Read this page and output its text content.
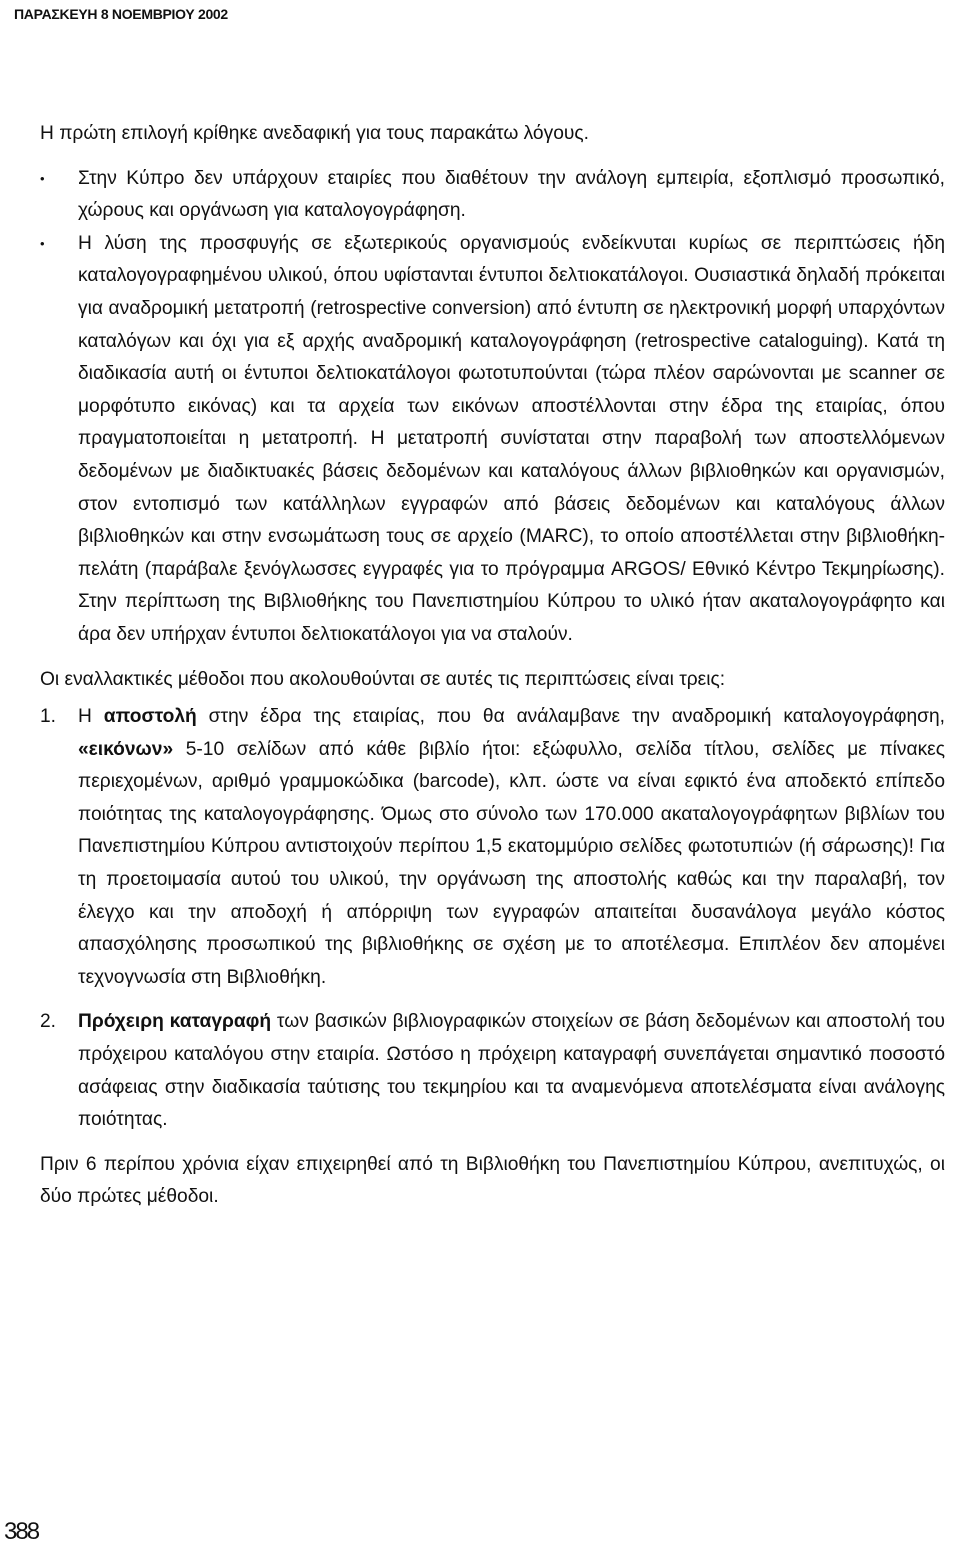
ΠΑΡΑΣΚΕΥΗ 8 ΝΟΕΜΒΡΙΟΥ 2002

Η πρώτη επιλογή κρίθηκε ανεδαφική για τους παρακάτω λόγους.

• Στην Κύπρο δεν υπάρχουν εταιρίες που διαθέτουν την ανάλογη εμπειρία, εξοπλισμό προσωπικό, χώρους και οργάνωση για καταλογογράφηση.

• Η λύση της προσφυγής σε εξωτερικούς οργανισμούς ενδείκνυται κυρίως σε περιπτώσεις ήδη καταλογογραφημένου υλικού, όπου υφίστανται έντυποι δελτιοκατάλογοι. Ουσιαστικά δηλαδή πρόκειται για αναδρομική μετατροπή (retrospective conversion) από έντυπη σε ηλεκτρονική μορφή υπαρχόντων καταλόγων και όχι για εξ αρχής αναδρομική καταλογογράφηση (retrospective cataloguing). Κατά τη διαδικασία αυτή οι έντυποι δελτιοκατάλογοι φωτοτυπούνται (τώρα πλέον σαρώνονται με scanner σε μορφότυπο εικόνας) και τα αρχεία των εικόνων αποστέλλονται στην έδρα της εταιρίας, όπου πραγματοποιείται η μετατροπή. Η μετατροπή συνίσταται στην παραβολή των αποστελλόμενων δεδομένων με διαδικτυακές βάσεις δεδομένων και καταλόγους άλλων βιβλιοθηκών και οργανισμών, στον εντοπισμό των κατάλληλων εγγραφών από βάσεις δεδομένων και καταλόγους άλλων βιβλιοθηκών και στην ενσωμάτωση τους σε αρχείο (MARC), το οποίο αποστέλλεται στην βιβλιοθήκη-πελάτη (παράβαλε ξενόγλωσσες εγγραφές για το πρόγραμμα ARGOS/ Εθνικό Κέντρο Τεκμηρίωσης). Στην περίπτωση της Βιβλιοθήκης του Πανεπιστημίου Κύπρου το υλικό ήταν ακαταλογογράφητο και άρα δεν υπήρχαν έντυποι δελτιοκατάλογοι για να σταλούν.

Οι εναλλακτικές μέθοδοι που ακολουθούνται σε αυτές τις περιπτώσεις είναι τρεις:

1. Η αποστολή στην έδρα της εταιρίας, που θα ανάλαμβανε την αναδρομική καταλογογράφηση, «εικόνων» 5-10 σελίδων από κάθε βιβλίο ήτοι: εξώφυλλο, σελίδα τίτλου, σελίδες με πίνακες περιεχομένων, αριθμό γραμμοκώδικα (barcode), κλπ. ώστε να είναι εφικτό ένα αποδεκτό επίπεδο ποιότητας της καταλογογράφησης. Όμως στο σύνολο των 170.000 ακαταλογογράφητων βιβλίων του Πανεπιστημίου Κύπρου αντιστοιχούν περίπου 1,5 εκατομμύριο σελίδες φωτοτυπιών (ή σάρωσης)! Για τη προετοιμασία αυτού του υλικού, την οργάνωση της αποστολής καθώς και την παραλαβή, τον έλεγχο και την αποδοχή ή απόρριψη των εγγραφών απαιτείται δυσανάλογα μεγάλο κόστος απασχόλησης προσωπικού της βιβλιοθήκης σε σχέση με το αποτέλεσμα. Επιπλέον δεν απομένει τεχνογνωσία στη Βιβλιοθήκη.

2. Πρόχειρη καταγραφή των βασικών βιβλιογραφικών στοιχείων σε βάση δεδομένων και αποστολή του πρόχειρου καταλόγου στην εταιρία. Ωστόσο η πρόχειρη καταγραφή συνεπάγεται σημαντικό ποσοστό ασάφειας στην διαδικασία ταύτισης του τεκμηρίου και τα αναμενόμενα αποτελέσματα είναι ανάλογης ποιότητας.

Πριν 6 περίπου χρόνια είχαν επιχειρηθεί από τη Βιβλιοθήκη του Πανεπιστημίου Κύπρου, ανεπιτυχώς, οι δύο πρώτες μέθοδοι.

388
